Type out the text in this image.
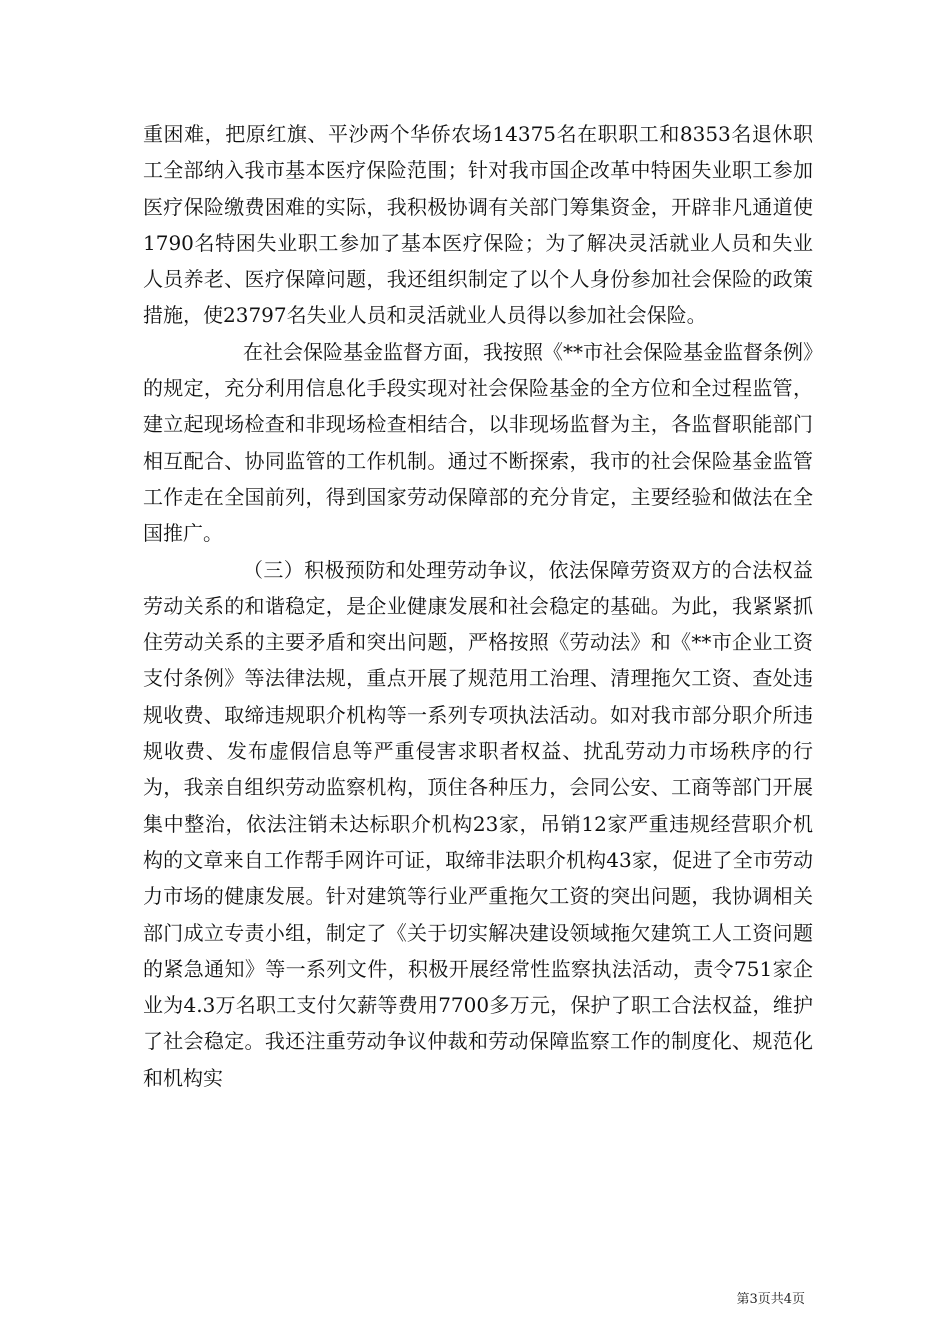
重困难，把原红旗、平沙两个华侨农场14375名在职职工和8353名退休职工全部纳入我市基本医疗保险范围；针对我市国企改革中特困失业职工参加医疗保险缴费困难的实际，我积极协调有关部门筹集资金，开辟非凡通道使1790名特困失业职工参加了基本医疗保险；为了解决灵活就业人员和失业人员养老、医疗保障问题，我还组织制定了以个人身份参加社会保险的政策措施，使23797名失业人员和灵活就业人员得以参加社会保险。

在社会保险基金监督方面，我按照《**市社会保险基金监督条例》的规定，充分利用信息化手段实现对社会保险基金的全方位和全过程监管，建立起现场检查和非现场检查相结合，以非现场监督为主，各监督职能部门相互配合、协同监管的工作机制。通过不断探索，我市的社会保险基金监管工作走在全国前列，得到国家劳动保障部的充分肯定，主要经验和做法在全国推广。

（三）积极预防和处理劳动争议，依法保障劳资双方的合法权益劳动关系的和谐稳定，是企业健康发展和社会稳定的基础。为此，我紧紧抓住劳动关系的主要矛盾和突出问题，严格按照《劳动法》和《**市企业工资支付条例》等法律法规，重点开展了规范用工治理、清理拖欠工资、查处违规收费、取缔违规职介机构等一系列专项执法活动。如对我市部分职介所违规收费、发布虚假信息等严重侵害求职者权益、扰乱劳动力市场秩序的行为，我亲自组织劳动监察机构，顶住各种压力，会同公安、工商等部门开展集中整治，依法注销未达标职介机构23家，吊销12家严重违规经营职介机构的文章来自工作帮手网许可证，取缔非法职介机构43家，促进了全市劳动力市场的健康发展。针对建筑等行业严重拖欠工资的突出问题，我协调相关部门成立专责小组，制定了《关于切实解决建设领域拖欠建筑工人工资问题的紧急通知》等一系列文件，积极开展经常性监察执法活动，责令751家企业为4.3万名职工支付欠薪等费用7700多万元，保护了职工合法权益，维护了社会稳定。我还注重劳动争议仲裁和劳动保障监察工作的制度化、规范化和机构实

第3页共4页
